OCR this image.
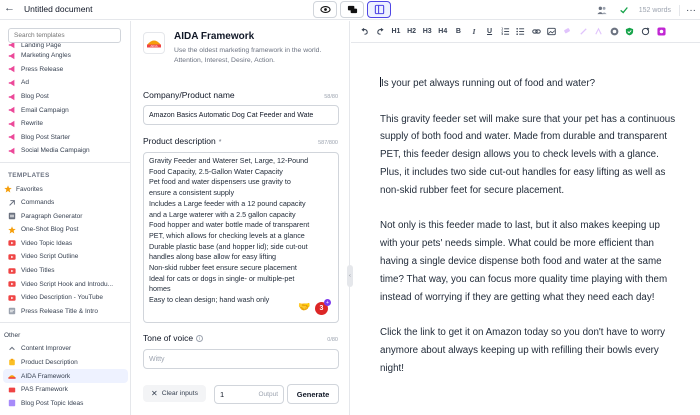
← Untitled document	152 words	···
Search templates
Landing Page
Marketing Angles
Press Release
Ad
Blog Post
Email Campaign
Rewrite
Blog Post Starter
Social Media Campaign
TEMPLATES
Favorites
Commands
Paragraph Generator
One-Shot Blog Post
Video Topic Ideas
Video Script Outline
Video Titles
Video Script Hook and Introdu...
Video Description - YouTube
Press Release Title & Intro
Other
Content Improver
Product Description
AIDA Framework
PAS Framework
Blog Post Topic Ideas
AIDA
AIDA Framework
Use the oldest marketing framework in the world. Attention, Interest, Desire, Action.
Company/Product name	58/80
Amazon Basics Automatic Dog Cat Feeder and Wate
Product description *	587/800
Gravity Feeder and Waterer Set, Large, 12-Pound
Food Capacity, 2.5-Gallon Water Capacity
Pet food and water dispensers use gravity to
ensure a consistent supply
Includes a Large feeder with a 12 pound capacity
and a Large waterer with a 2.5 gallon capacity
Food hopper and water bottle made of transparent
PET, which allows for checking levels at a glance
Durable plastic base (and hopper lid); side cut-out
handles along base allow for easy lifting
Non-skid rubber feet ensure secure placement
Ideal for cats or dogs in single- or multiple-pet
homes
Easy to clean design; hand wash only
🤝	3
+
Tone of voice i	0/80
Witty
✕ Clear inputs	1	Output	Generate
‹
H1 H2 H3 H4	B	I	U	1
2
3

Is your pet always running out of food and water?

This gravity feeder set will make sure that your pet has a continuous supply of both food and water. Made from durable and transparent PET, this feeder design allows you to check levels with a glance. Plus, it includes two side cut-out handles for easy lifting as well as non-skid rubber feet for secure placement.

Not only is this feeder made to last, but it also makes keeping up with your pets' needs simple. What could be more efficient than having a single device dispense both food and water at the same time? That way, you can focus more quality time playing with them instead of worrying if they are getting what they need each day!

Click the link to get it on Amazon today so you don't have to worry anymore about always keeping up with refilling their bowls every night!
